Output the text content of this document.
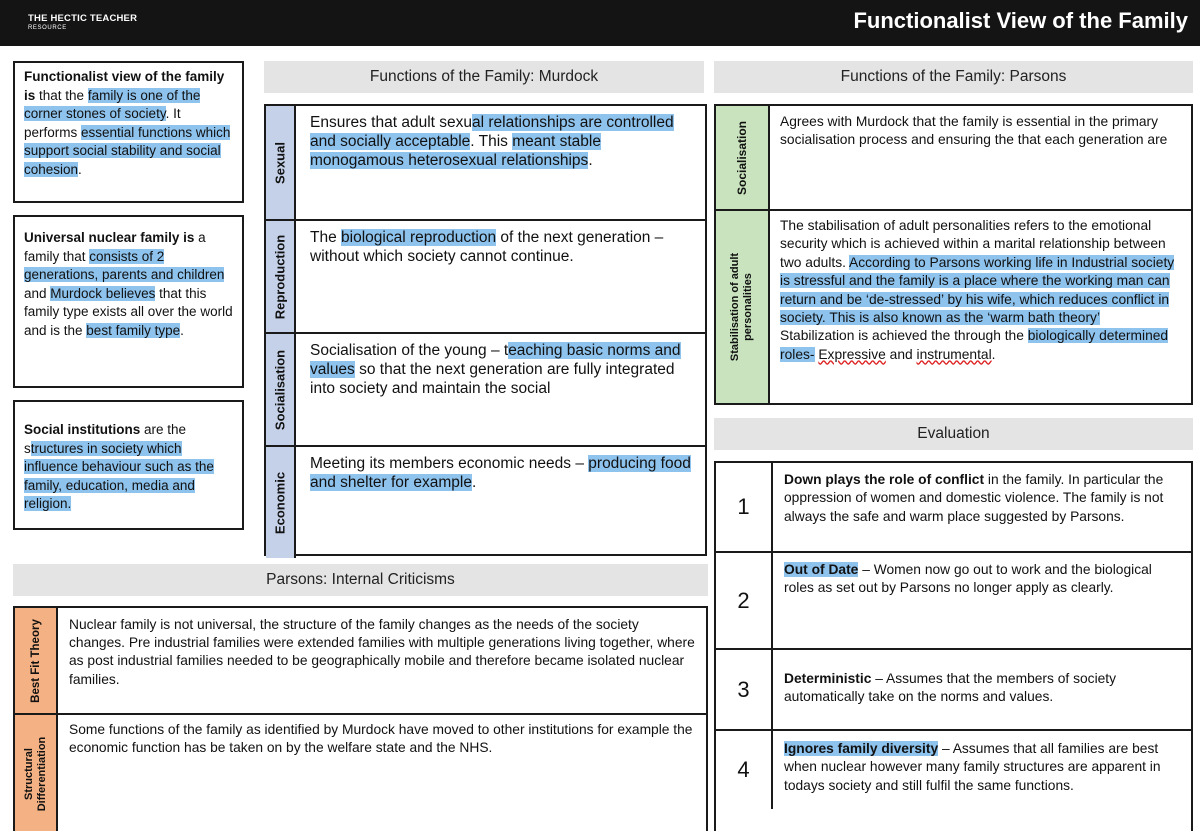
THE HECTIC TEACHER
RESOURCE	Functionalist View of the Family
Functionalist view of the family is that the family is one of the corner stones of society. It performs essential functions which support social stability and social cohesion.
Universal nuclear family is a family that consists of 2 generations, parents and children and Murdock believes that this family type exists all over the world and is the best family type.
Social institutions are the structures in society which influence behaviour such as the family, education, media and religion.
Functions of the Family: Murdock
Sexual
Ensures that adult sexual relationships are controlled and socially acceptable. This meant stable monogamous heterosexual relationships.
Reproduction The biological reproduction of the next generation – without which society cannot continue.
Socialisation Socialisation of the young – teaching basic norms and values so that the next generation are fully integrated into society and maintain the social
Economic
Meeting its members economic needs – producing food and shelter for example.
Functions of the Family: Parsons
Socialisation Agrees with Murdock that the family is essential in the primary socialisation process and ensuring the that each generation are
Stabilisation of adult
personalities
The stabilisation of adult personalities refers to the emotional security which is achieved within a marital relationship between two adults. According to Parsons working life in Industrial society is stressful and the family is a place where the working man can return and be ‘de-stressed’ by his wife, which reduces conflict in society. This is also known as the ‘warm bath theory’
Stabilization is achieved the through the biologically determined roles- Expressive and instrumental.
Evaluation
1
Down plays the role of conflict in the family. In particular the oppression of women and domestic violence. The family is not always the safe and warm place suggested by Parsons.
2
Out of Date – Women now go out to work and the biological roles as set out by Parsons no longer apply as clearly.
3	Deterministic – Assumes that the members of society automatically take on the norms and values.
4
Ignores family diversity – Assumes that all families are best when nuclear however many family structures are apparent in todays society and still fulfil the same functions.
Parsons: Internal Criticisms
Best Fit Theory Nuclear family is not universal, the structure of the family changes as the needs of the society changes. Pre industrial families were extended families with multiple generations living together, where as post industrial families needed to be geographically mobile and therefore became isolated nuclear families.
Structural
Differentiation
Some functions of the family as identified by Murdock have moved to other institutions for example the economic function has be taken on by the welfare state and the NHS.
